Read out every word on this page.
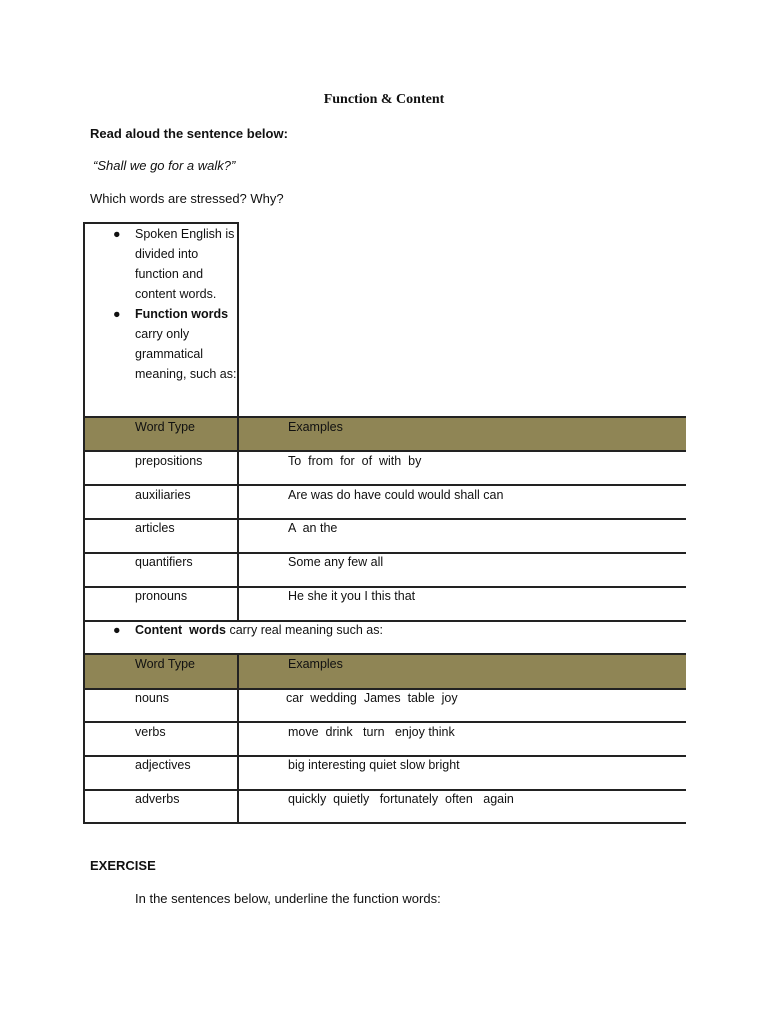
Function & Content
Read aloud the sentence below:
“Shall we go for a walk?”
Which words are stressed? Why?
● Spoken English is divided into function and content words.
● Function words carry only grammatical meaning, such as:
Word Type	Examples
prepositions	To  from  for  of  with  by
auxiliaries	Are was do have could would shall can
articles	A  an the
quantifiers	Some any few all
pronouns	He she it you I this that
● Content  words carry real meaning such as:
Word Type	Examples
nouns	car  wedding  James  table  joy
verbs	move  drink   turn   enjoy think
adjectives	big interesting quiet slow bright
adverbs	quickly  quietly   fortunately  often   again
EXERCISE
In the sentences below, underline the function words:
